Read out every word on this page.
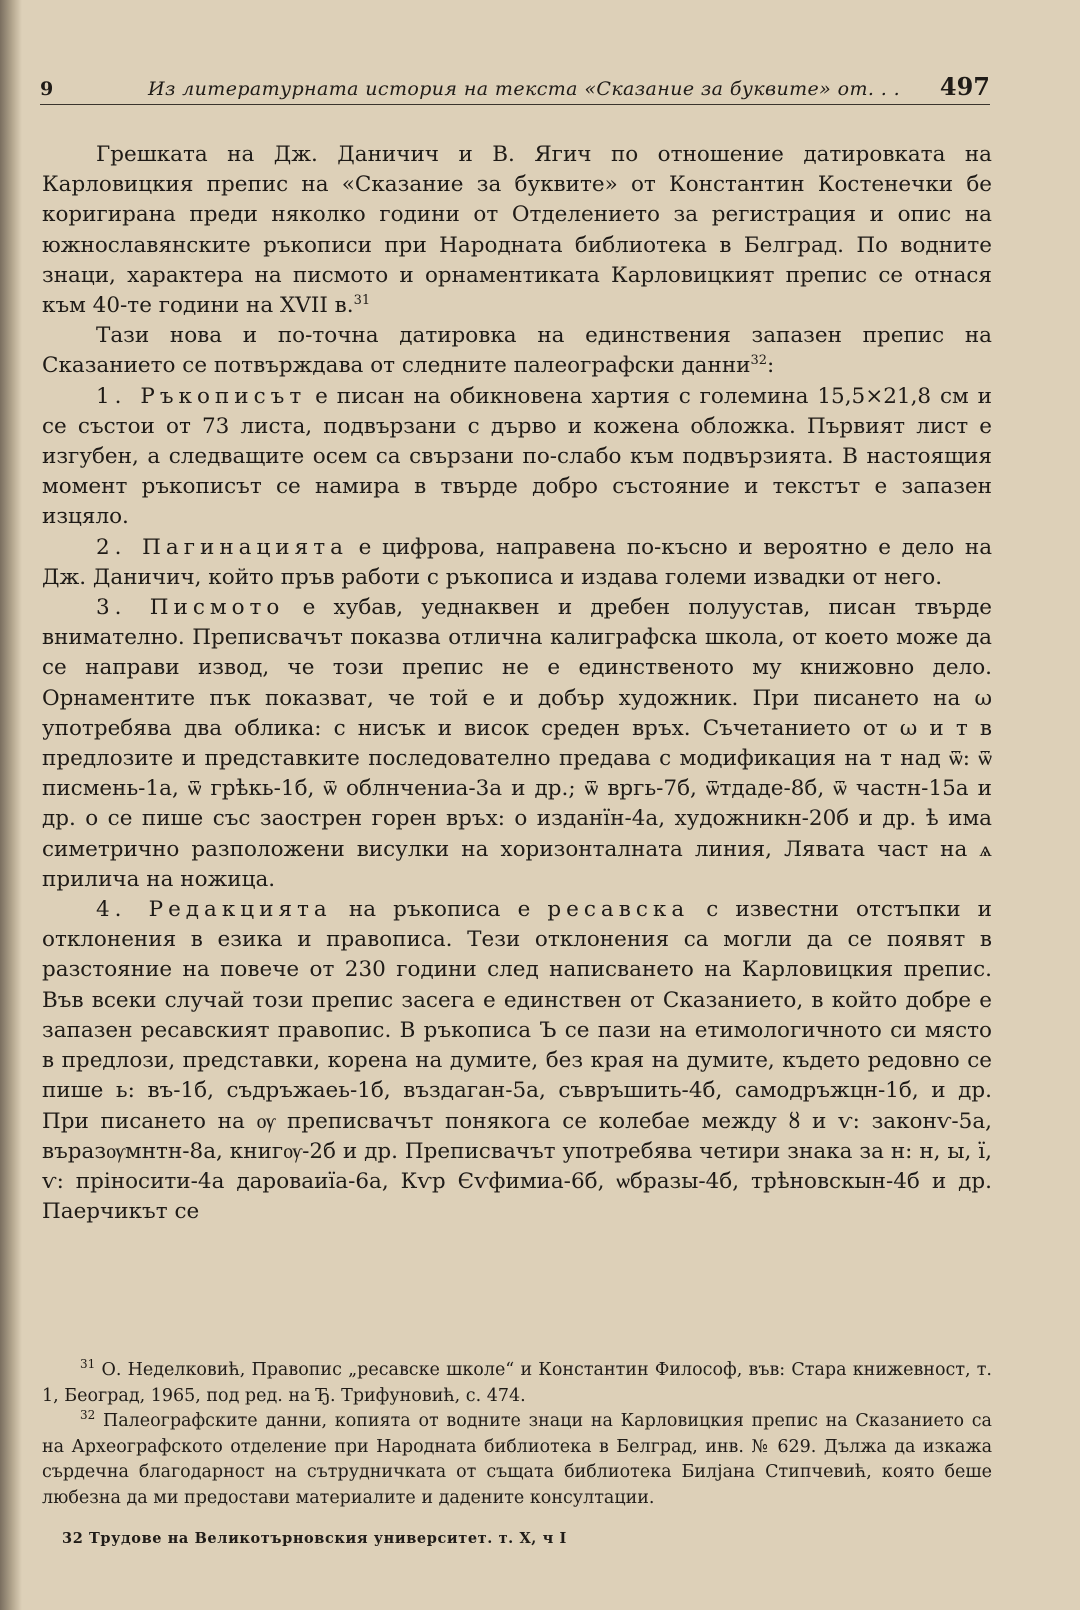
9	Из литературната история на текста «Сказание за буквите» от. . . 497

Грешката на Дж. Даничич и В. Ягич по отношение датировката на Карловицкия препис на «Сказание за буквите» от Константин Костенечки бе коригирана преди няколко години от Отделението за регистрация и опис на южнославянските ръкописи при Народната библиотека в Белград. По водните знаци, характера на писмото и орнаментиката Карловицкият препис се отнася към 40-те години на XVII в.$^{31}$

Тази нова и по-точна датировка на единствения запазен препис на Сказанието се потвърждава от следните палеографски данни$^{32}$:

1. Ръкописът е писан на обикновена хартия с големина 15,5×21,8 см и се състои от 73 листа, подвързани с дърво и кожена обложка. Първият лист е изгубен, а следващите осем са свързани по-слабо към подвързията. В настоящия момент ръкописът се намира в твърде добро състояние и текстът е запазен изцяло.

2. Пагинацията е цифрова, направена по-късно и вероятно е дело на Дж. Даничич, който пръв работи с ръкописа и издава големи извадки от него.

3. Писмото е хубав, уеднаквен и дребен полуустав, писан твърде внимателно. Преписвачът показва отлична калиграфска школа, от което може да се направи извод, че този препис не е единственото му книжовно дело. Орнаментите пък показват, че той е и добър художник. При писането на ω употребява два облика: с нисък и висок среден връх. Съчетанието от ω и т в предлозите и представките последователно предава с модификация на т над ѿ: ѿ писмень-1а, ѿ грѣкь-1б, ѿ облнчениа-3а и др.; ѿ вргь-7б, ѿтдаде-8б, ѿ частн-15а и др. о се пише със заострен горен връх: о изданїн-4а, художникн-20б и др. ѣ има симетрично разположени висулки на хоризонталната линия, Лявата част на ѧ прилича на ножица.

4. Редакцията на ръкописа е ресавска с известни отстъпки и отклонения в езика и правописа. Тези отклонения са могли да се появят в разстояние на повече от 230 години след написването на Карловицкия препис. Във всеки случай този препис засега е единствен от Сказанието, в който добре е запазен ресавският правопис. В ръкописа Ъ се пази на етимологичното си място в предлози, представки, корена на думите, без края на думите, където редовно се пише ь: въ-1б, съдръжаеь-1б, въздаган-5а, съвръшить-4б, самодръжцн-1б, и др. При писането на ѹ преписвачът понякога се колебае между ȣ и ѵ: законѵ-5а, въразѹмнтн-8а, книгѹ-2б и др. Преписвачът употребява четири знака за н: н, ы, ї, ѵ: пріносити-4а дароваиїа-6а, Кѵр Єѵфимиа-6б, ѡбразы-4б, трѣновскын-4б и др. Паерчикът се

$^{31}$ О. Неделковић, Правопис „ресавске школе“ и Константин Философ, във: Стара книжевност, т. 1, Београд, 1965, под ред. на Ђ. Трифуновић, с. 474.

$^{32}$ Палеографските данни, копията от водните знаци на Карловицкия препис на Сказанието са на Археографското отделение при Народната библиотека в Белград, инв. № 629. Дължа да изкажа сърдечна благодарност на сътрудничката от същата библиотека Билјана Стипчевић, която беше любезна да ми предостави материалите и дадените консултации.

32 Трудове на Великотърновския университет. т. X, ч I
